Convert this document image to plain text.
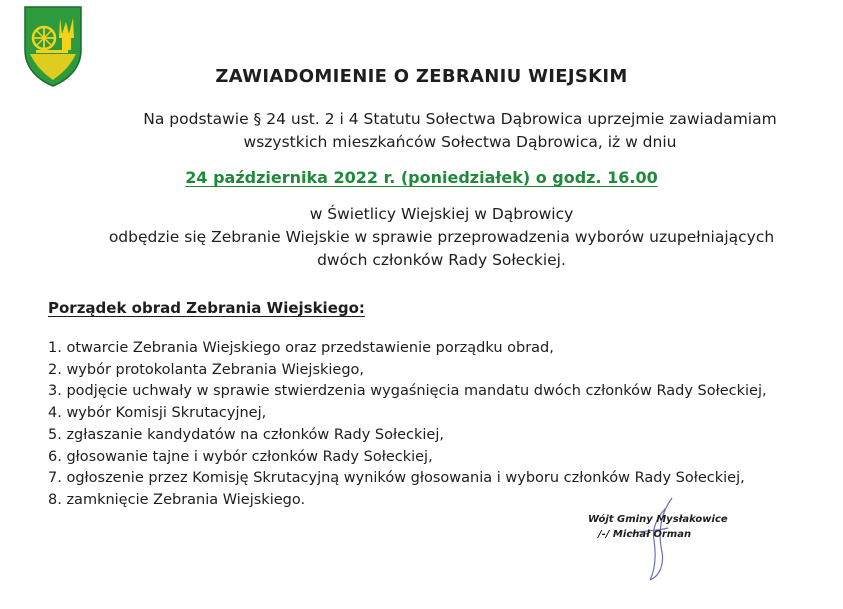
ZAWIADOMIENIE O ZEBRANIU WIEJSKIM
Na podstawie § 24 ust. 2 i 4 Statutu Sołectwa Dąbrowica uprzejmie zawiadamiam
wszystkich mieszkańców Sołectwa Dąbrowica, iż w dniu
24 października 2022 r. (poniedziałek) o godz. 16.00
w Świetlicy Wiejskiej w Dąbrowicy
odbędzie się Zebranie Wiejskie w sprawie przeprowadzenia wyborów uzupełniających
dwóch członków Rady Sołeckiej.
Porządek obrad Zebrania Wiejskiego:
1. otwarcie Zebrania Wiejskiego oraz przedstawienie porządku obrad,
2. wybór protokolanta Zebrania Wiejskiego,
3. podjęcie uchwały w sprawie stwierdzenia wygaśnięcia mandatu dwóch członków Rady Sołeckiej,
4. wybór Komisji Skrutacyjnej,
5. zgłaszanie kandydatów na członków Rady Sołeckiej,
6. głosowanie tajne i wybór członków Rady Sołeckiej,
7. ogłoszenie przez Komisję Skrutacyjną wyników głosowania i wyboru członków Rady Sołeckiej,
8. zamknięcie Zebrania Wiejskiego.
Wójt Gminy Mysłakowice
/-/ Michał Orman
